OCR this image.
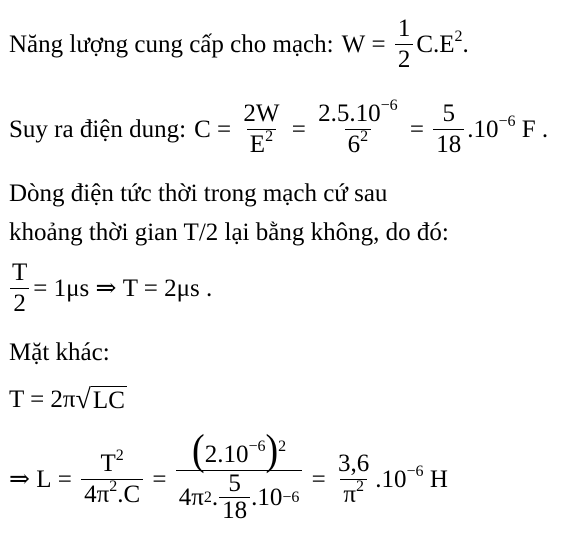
Năng lượng cung cấp cho mạch: $W = \frac{1}{2} C.E^2$.
Suy ra điện dung: $C = \frac{2W}{E^2} = \frac{2.5.10^{-6}}{6^2} = \frac{5}{18} .10^{-6}$ F .
Dòng điện tức thời trong mạch cứ sau
khoảng thời gian T/2 lại bằng không, do đó:
$\frac{T}{2} = 1\mu s$
⇒
T = 2μs .
Mặt khác:
T = 2π √ LC
⇒
$L = \frac{T^2}{4\pi^2.C}$ =
$(2.10^{-6})^2$
4π 2 . $\frac{5}{18} .10 -6$
= $\frac{3,6}{\pi^2} .10^{-6}$ H
